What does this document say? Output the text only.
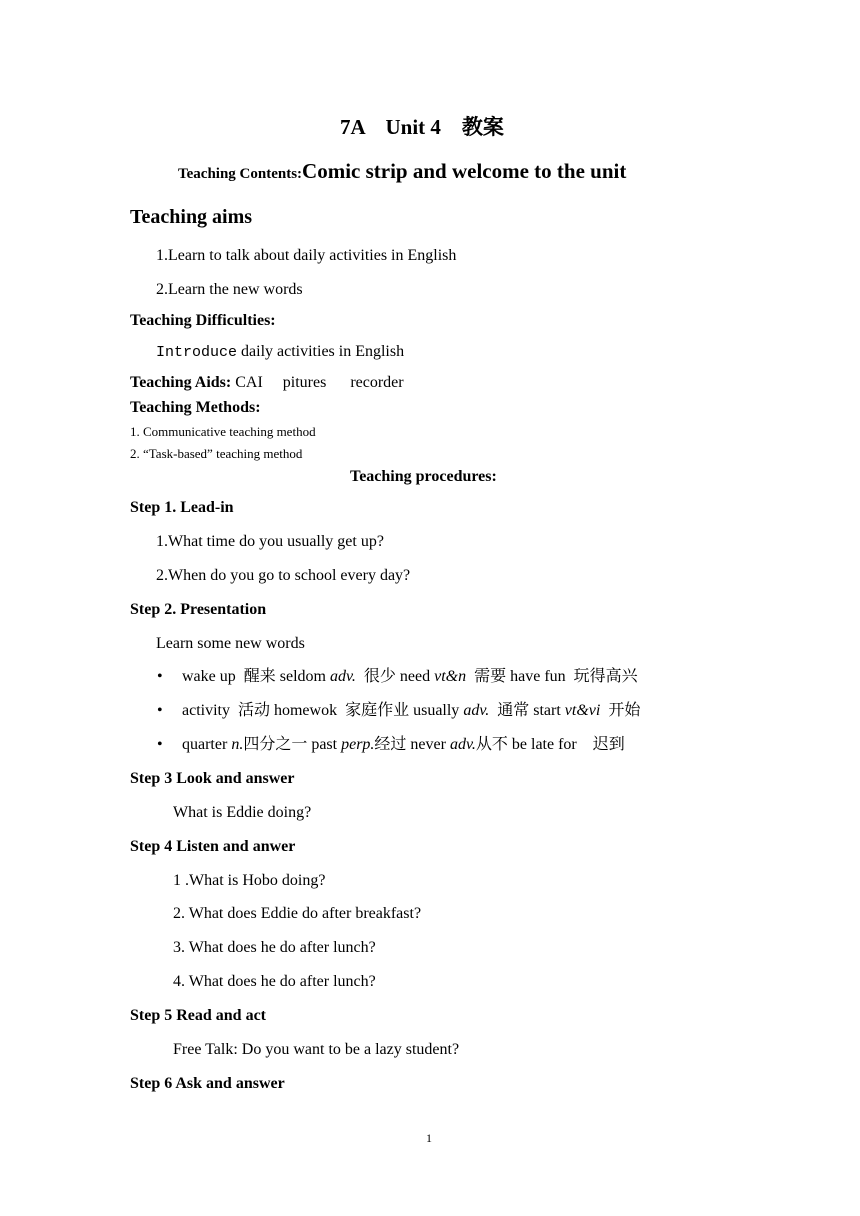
7A　Unit 4　教案
Teaching Contents:Comic strip and welcome to the unit
Teaching aims
1.Learn to talk about daily activities in English
2.Learn the new words
Teaching Difficulties:
Introduce daily activities in English
Teaching Aids: CAI　 pitures　  recorder
Teaching Methods:
1. Communicative teaching method
2. “Task-based” teaching method
Teaching procedures:
Step 1. Lead-in
1.What time do you usually get up?
2.When do you go to school every day?
Step 2. Presentation
Learn some new words
• wake up  醒来 seldom adv.  很少 need vt&n  需要 have fun  玩得高兴
• activity  活动 homewok  家庭作业 usually adv.  通常 start vt&vi  开始
• quarter n.四分之一 past perp.经过 never adv.从不 be late for　迟到
Step 3 Look and answer
What is Eddie doing?
Step 4 Listen and anwer
1 .What is Hobo doing?
2. What does Eddie do after breakfast?
3. What does he do after lunch?
4. What does he do after lunch?
Step 5 Read and act
Free Talk: Do you want to be a lazy student?
Step 6 Ask and answer
1
